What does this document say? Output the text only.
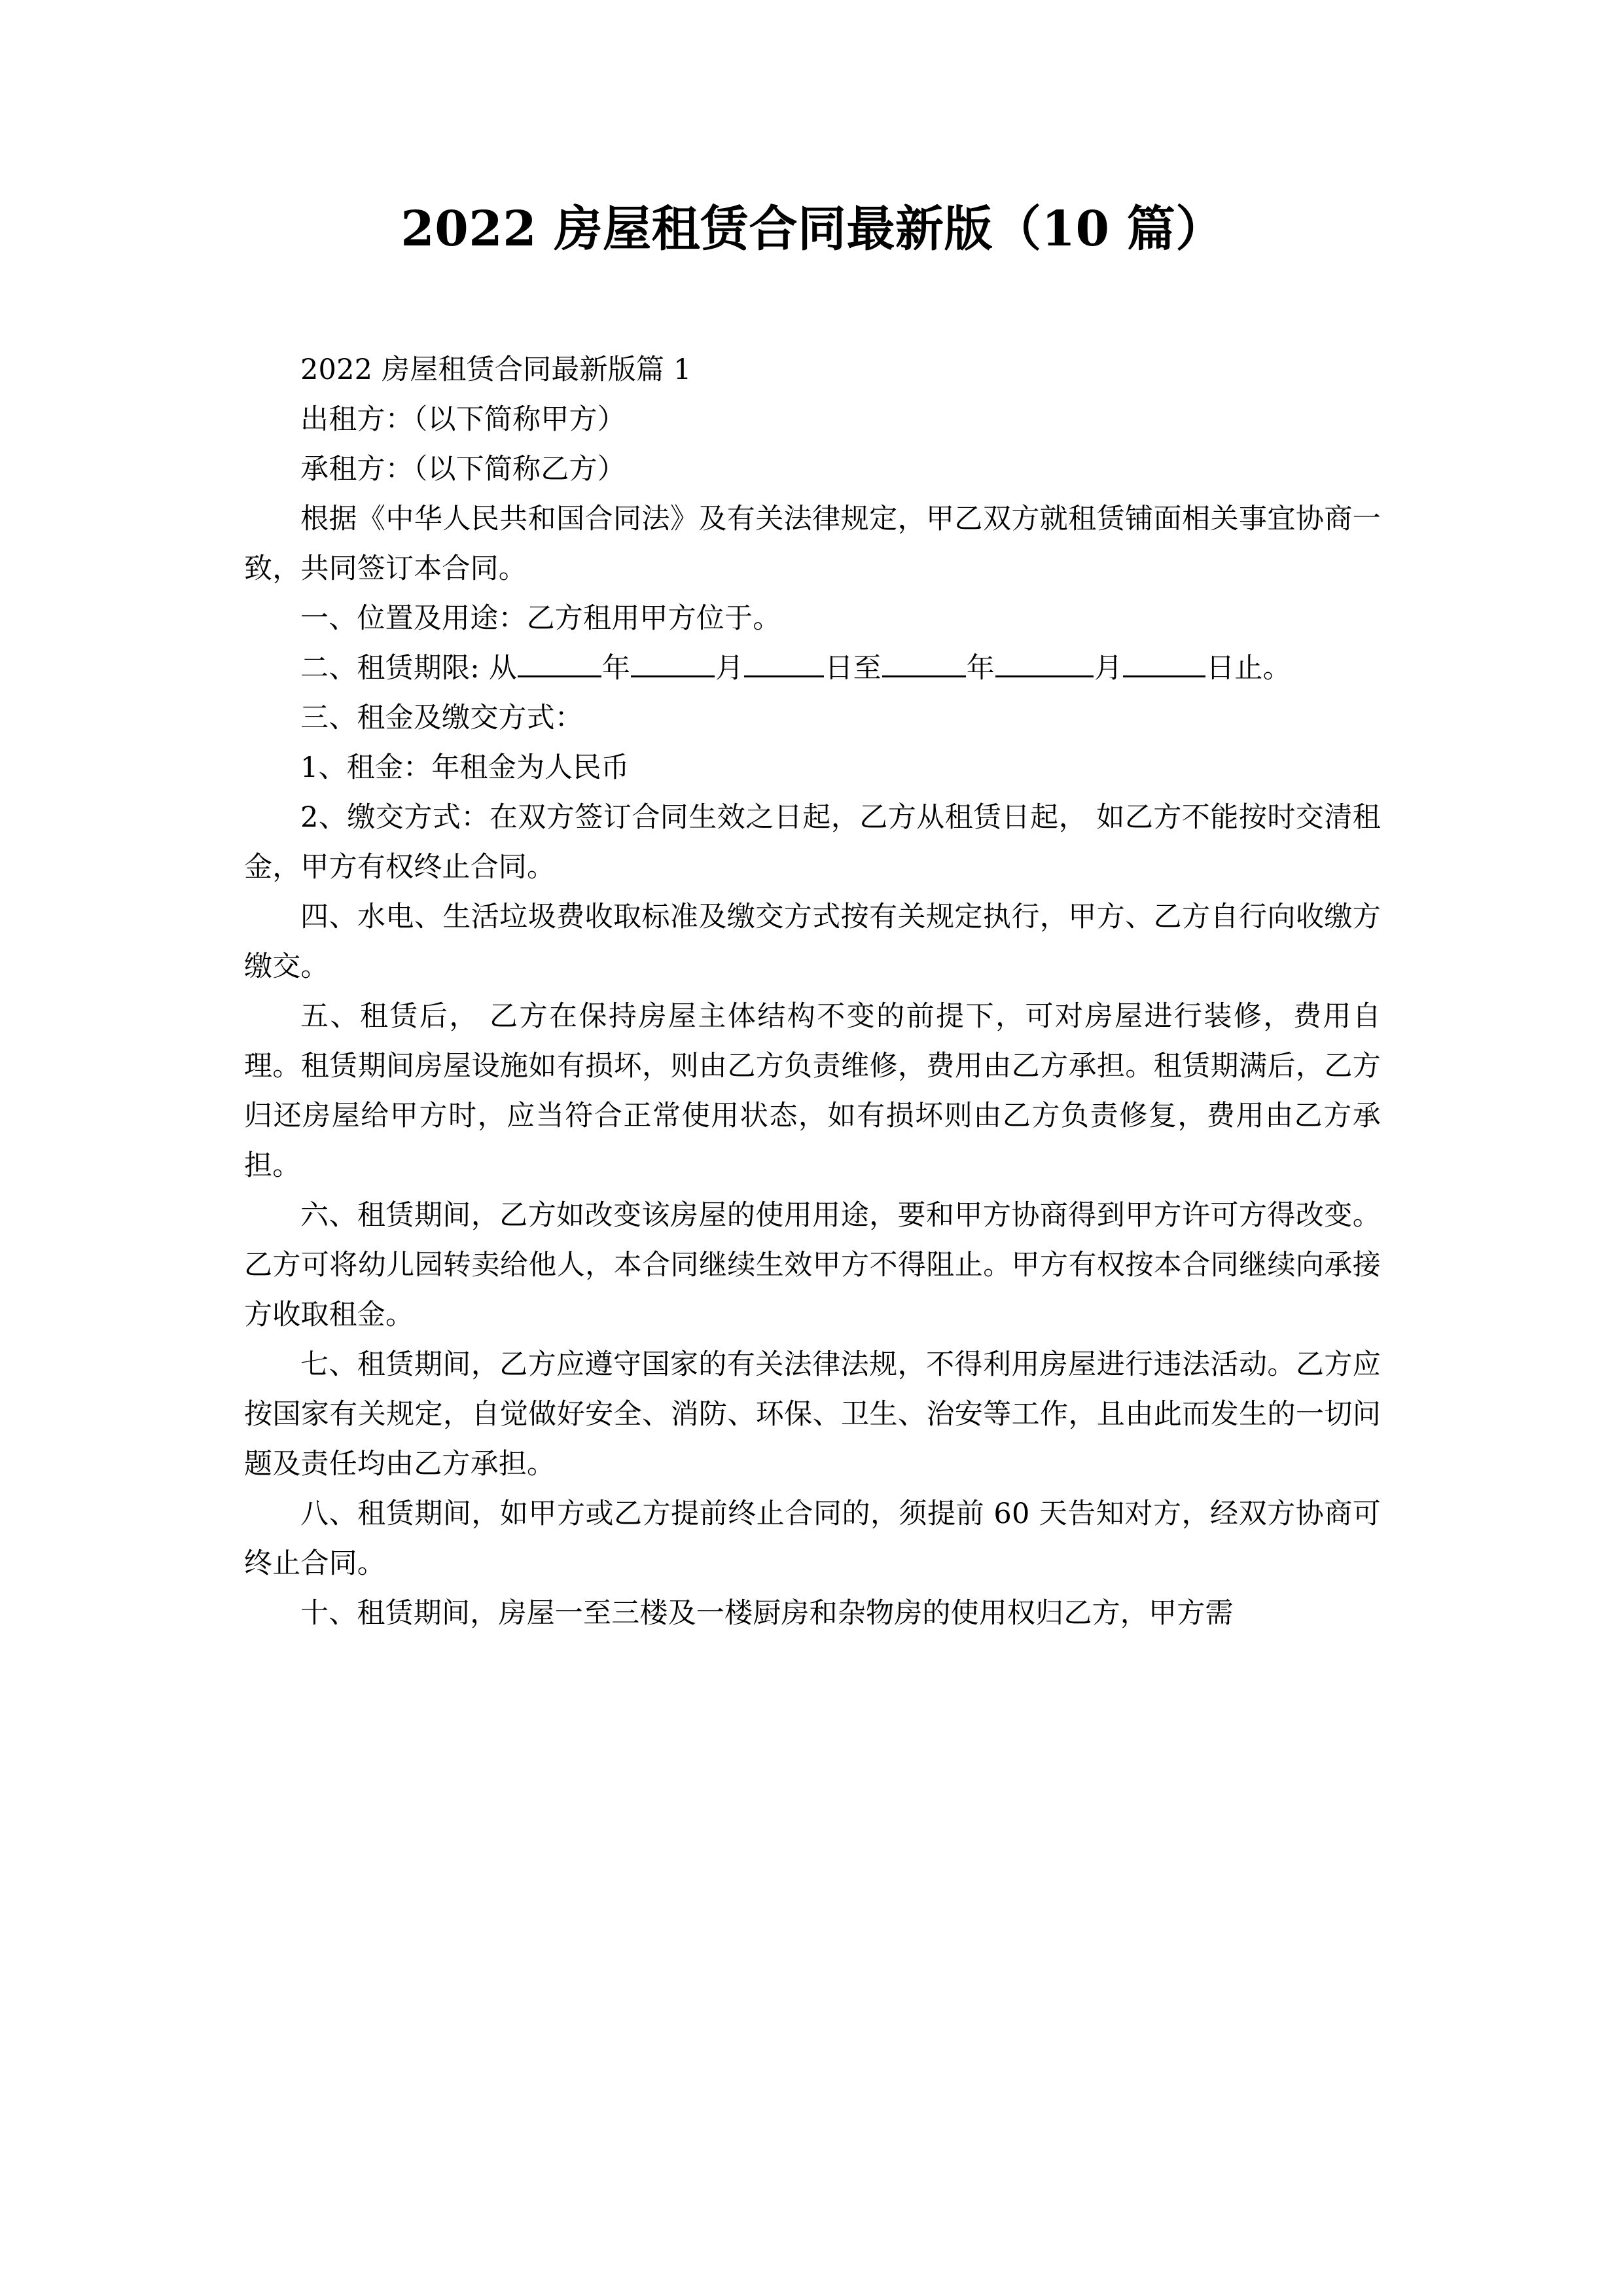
2022 房屋租赁合同最新版（10 篇）

2022 房屋租赁合同最新版篇 1

出租方：（以下简称甲方）

承租方：（以下简称乙方）

根据《中华人民共和国合同法》及有关法律规定，甲乙双方就租赁铺面相关事宜协商一致，共同签订本合同。

一、位置及用途：乙方租用甲方位于。

二、租赁期限: 从	年	月	日至	年	月	日止。

三、租金及缴交方式：

1、租金：年租金为人民币

2、缴交方式：在双方签订合同生效之日起，乙方从租赁日起， 如乙方不能按时交清租金，甲方有权终止合同。

四、水电、生活垃圾费收取标准及缴交方式按有关规定执行，甲方、乙方自行向收缴方缴交。

五、租赁后， 乙方在保持房屋主体结构不变的前提下，可对房屋进行装修，费用自理。租赁期间房屋设施如有损坏，则由乙方负责维修，费用由乙方承担。租赁期满后，乙方归还房屋给甲方时，应当符合正常使用状态，如有损坏则由乙方负责修复，费用由乙方承担。

六、租赁期间，乙方如改变该房屋的使用用途，要和甲方协商得到甲方许可方得改变。乙方可将幼儿园转卖给他人，本合同继续生效甲方不得阻止。甲方有权按本合同继续向承接方收取租金。

七、租赁期间，乙方应遵守国家的有关法律法规，不得利用房屋进行违法活动。乙方应按国家有关规定，自觉做好安全、消防、环保、卫生、治安等工作，且由此而发生的一切问题及责任均由乙方承担。

八、租赁期间，如甲方或乙方提前终止合同的，须提前 60 天告知对方，经双方协商可终止合同。

十、租赁期间，房屋一至三楼及一楼厨房和杂物房的使用权归乙方，甲方需
